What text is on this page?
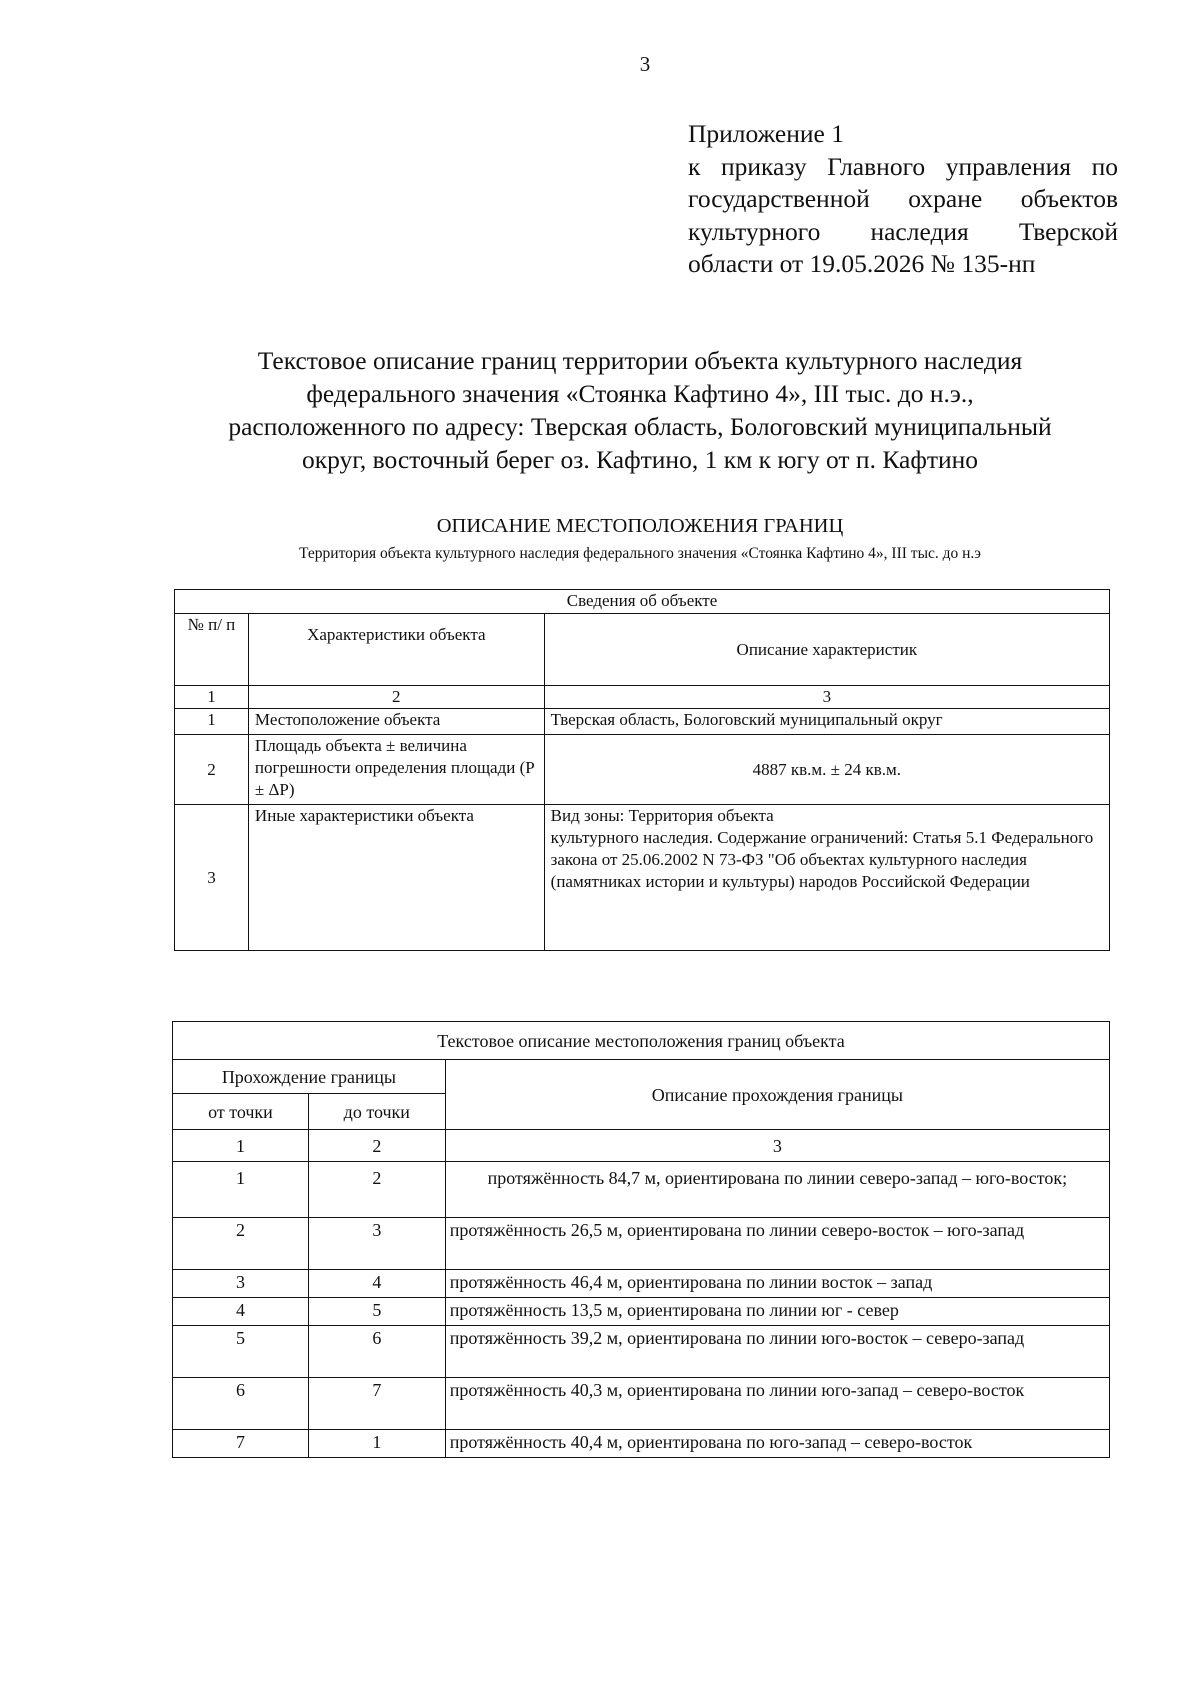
3
Приложение 1
к приказу Главного управления по
государственной охране объектов
культурного наследия Тверской
области от 19.05.2026 № 135-нп
Текстовое описание границ территории объекта культурного наследия
федерального значения «Стоянка Кафтино 4», III тыс. до н.э.,
расположенного по адресу: Тверская область, Бологовский муниципальный
округ, восточный берег оз. Кафтино, 1 км к югу от п. Кафтино
ОПИСАНИЕ МЕСТОПОЛОЖЕНИЯ ГРАНИЦ
Территория объекта культурного наследия федерального значения «Стоянка Кафтино 4», III тыс. до н.э
Сведения об объекте		
№ п/ п	Характеристики объекта	Описание характеристик
1	2	3
1	Местоположение объекта	Тверская область, Бологовский муниципальный округ
2	Площадь объекта ± величина погрешности определения площади (P ± ΔP)	4887 кв.м. ± 24 кв.м.
3	Иные характеристики объекта	Вид зоны: Территория объекта
культурного наследия. Содержание ограничений: Статья 5.1 Федерального закона от 25.06.2002 N 73-ФЗ "Об объектах культурного наследия (памятниках истории и культуры) народов Российской Федерации
Текстовое описание местоположения границ объекта		
Прохождение границы		Описание прохождения границы
от точки	до точки	
1	2	3
1	2	протяжённость 84,7 м, ориентирована по линии северо-запад – юго-восток;
2	3	протяжённость 26,5 м, ориентирована по линии северо-восток – юго-запад
3	4	протяжённость 46,4 м, ориентирована по линии восток – запад
4	5	протяжённость 13,5 м, ориентирована по линии юг - север
5	6	протяжённость 39,2 м, ориентирована по линии юго-восток – северо-запад
6	7	протяжённость 40,3 м, ориентирована по линии юго-запад – северо-восток
7	1	протяжённость 40,4 м, ориентирована по юго-запад – северо-восток
